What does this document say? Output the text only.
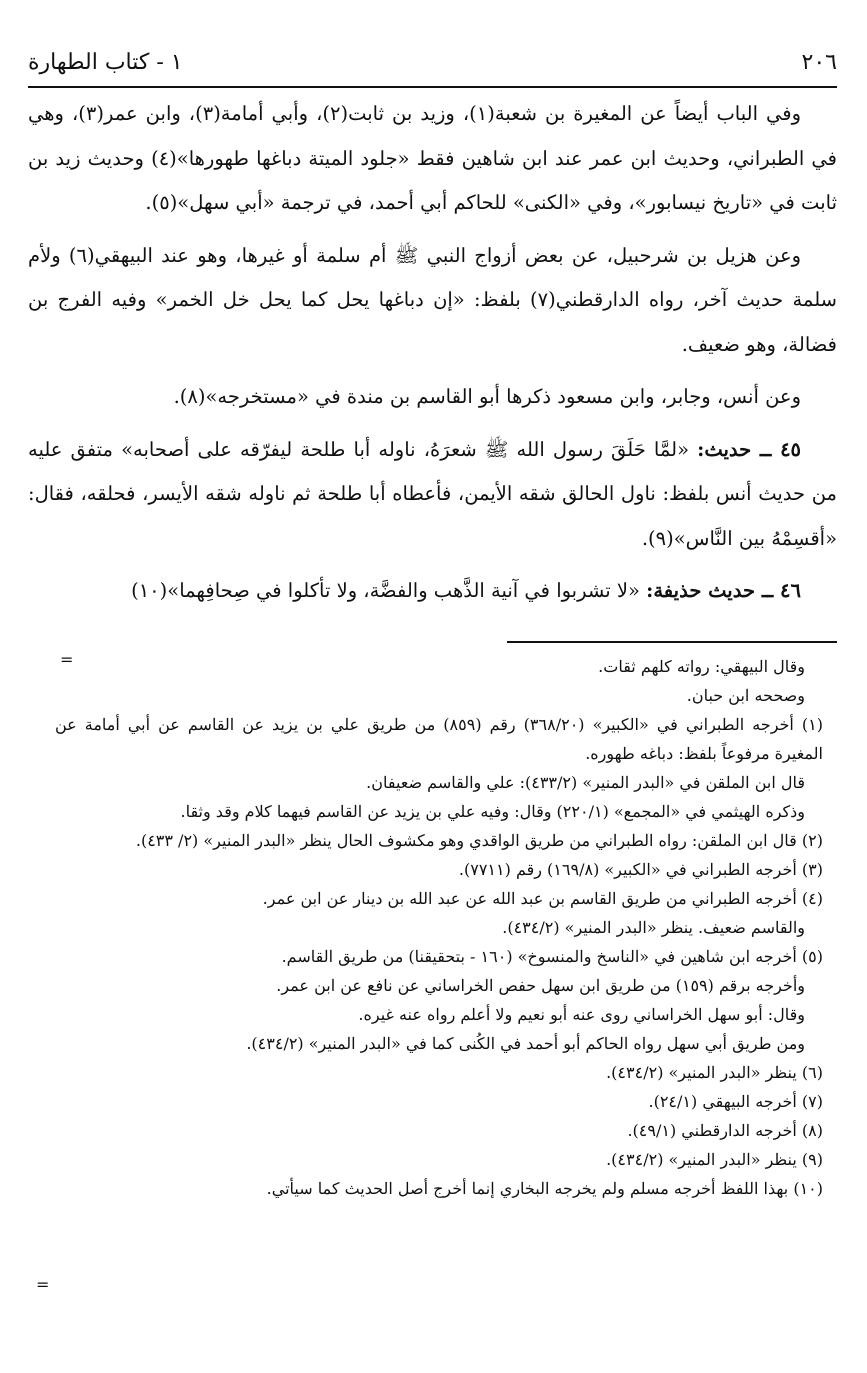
٢٠٦
١ - كتاب الطهارة

وفي الباب أيضاً عن المغيرة بن شعبة(١)، وزيد بن ثابت(٢)، وأبي أمامة(٣)، وابن عمر(٣)، وهي في الطبراني، وحديث ابن عمر عند ابن شاهين فقط «جلود الميتة دباغها طهورها»(٤) وحديث زيد بن ثابت في «تاريخ نيسابور»، وفي «الكنى» للحاكم أبي أحمد، في ترجمة «أبي سهل»(٥).

وعن هزيل بن شرحبيل، عن بعض أزواج النبي ﷺ أم سلمة أو غيرها، وهو عند البيهقي(٦) ولأم سلمة حديث آخر، رواه الدارقطني(٧) بلفظ: «إن دباغها يحل كما يحل خل الخمر» وفيه الفرج بن فضالة، وهو ضعيف.

وعن أنس، وجابر، وابن مسعود ذكرها أبو القاسم بن مندة في «مستخرجه»(٨).

٤٥ ــ حديث: «لمَّا حَلَقَ رسول الله ﷺ شعرَهُ، ناوله أبا طلحة ليفرّقه على أصحابه» متفق عليه من حديث أنس بلفظ: ناول الحالق شقه الأيمن، فأعطاه أبا طلحة ثم ناوله شقه الأيسر، فحلقه، فقال: «أقسِمْهُ بين النَّاس»(٩).

٤٦ ــ حديث حذيفة: «لا تشربوا في آنية الذَّهب والفضَّة، ولا تأكلوا في صِحافِهما»(١٠)

=	وقال البيهقي: رواته كلهم ثقات.

وصححه ابن حبان.

(١) أخرجه الطبراني في «الكبير» (٣٦٨/٢٠) رقم (٨٥٩) من طريق علي بن يزيد عن القاسم عن أبي أمامة عن المغيرة مرفوعاً بلفظ: دباغه طهوره.

قال ابن الملقن في «البدر المنير» (٤٣٣/٢): علي والقاسم ضعيفان.

وذكره الهيثمي في «المجمع» (٢٢٠/١) وقال: وفيه علي بن يزيد عن القاسم فيهما كلام وقد وثقا.

(٢) قال ابن الملقن: رواه الطبراني من طريق الواقدي وهو مكشوف الحال ينظر «البدر المنير» (٢/ ٤٣٣).

(٣) أخرجه الطبراني في «الكبير» (١٦٩/٨) رقم (٧٧١١).

(٤) أخرجه الطبراني من طريق القاسم بن عبد الله عن عبد الله بن دينار عن ابن عمر.

والقاسم ضعيف. ينظر «البدر المنير» (٤٣٤/٢).

(٥) أخرجه ابن شاهين في «الناسخ والمنسوخ» (١٦٠ - بتحقيقنا) من طريق القاسم.

وأخرجه برقم (١٥٩) من طريق ابن سهل حفص الخراساني عن نافع عن ابن عمر.

وقال: أبو سهل الخراساني روى عنه أبو نعيم ولا أعلم رواه عنه غيره.

ومن طريق أبي سهل رواه الحاكم أبو أحمد في الكُنى كما في «البدر المنير» (٤٣٤/٢).

(٦) ينظر «البدر المنير» (٤٣٤/٢).

(٧) أخرجه البيهقي (٢٤/١).

(٨) أخرجه الدارقطني (٤٩/١).

(٩) ينظر «البدر المنير» (٤٣٤/٢).

(١٠) بهذا اللفظ أخرجه مسلم ولم يخرجه البخاري إنما أخرج أصل الحديث كما سيأتي.

=
